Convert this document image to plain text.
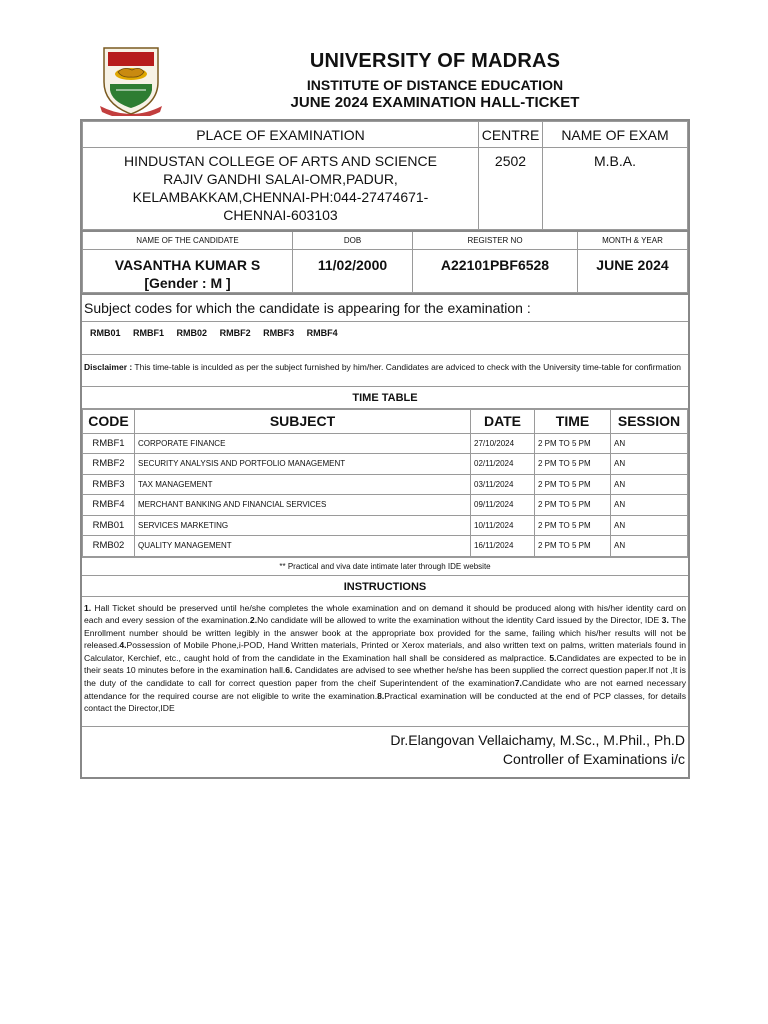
UNIVERSITY OF MADRAS
INSTITUTE OF DISTANCE EDUCATION
JUNE 2024 EXAMINATION HALL-TICKET
PLACE OF EXAMINATION	CENTRE	NAME OF EXAM

HINDUSTAN COLLEGE OF ARTS AND SCIENCE
RAJIV GANDHI SALAI-OMR,PADUR,
KELAMBAKKAM,CHENNAI-PH:044-27474671-
CHENNAI-603103	2502	M.B.A.
NAME OF THE CANDIDATE	DOB	REGISTER NO	MONTH & YEAR

VASANTHA KUMAR S
[Gender : M ]	11/02/2000	A22101PBF6528	JUNE 2024
Subject codes for which the candidate is appearing for the examination :
RMB01 RMBF1 RMB02 RMBF2 RMBF3 RMBF4
Disclaimer : This time-table is inculded as per the subject furnished by him/her. Candidates are adviced to check with the University time-table for confirmation
TIME TABLE
CODE	SUBJECT	DATE	TIME	SESSION
RMBF1	CORPORATE FINANCE	27/10/2024	2 PM TO 5 PM	AN
RMBF2	SECURITY ANALYSIS AND PORTFOLIO MANAGEMENT	02/11/2024	2 PM TO 5 PM	AN
RMBF3	TAX MANAGEMENT	03/11/2024	2 PM TO 5 PM	AN
RMBF4	MERCHANT BANKING AND FINANCIAL SERVICES	09/11/2024	2 PM TO 5 PM	AN
RMB01	SERVICES MARKETING	10/11/2024	2 PM TO 5 PM	AN
RMB02	QUALITY MANAGEMENT	16/11/2024	2 PM TO 5 PM	AN
** Practical and viva date intimate later through IDE website
INSTRUCTIONS
1. Hall Ticket should be preserved until he/she completes the whole examination and on demand it should be produced along with his/her identity card on each and every session of the examination.2.No candidate will be allowed to write the examination without the identity Card issued by the Director, IDE 3. The Enrollment number should be written legibly in the answer book at the appropriate box provided for the same, failing which his/her results will not be released.4.Possession of Mobile Phone,i-POD, Hand Written materials, Printed or Xerox materials, and also written text on palms, written materials found in Calculator, Kerchief, etc., caught hold of from the candidate in the Examination hall shall be considered as malpractice. 5.Candidates are expected to be in their seats 10 minutes before in the examination hall.6. Candidates are advised to see whether he/she has been supplied the correct question paper.If not ,It is the duty of the candidate to call for correct question paper from the cheif Superintendent of the examination7.Candidate who are not earned necessary attendance for the required course are not eligible to write the examination.8.Practical examination will be conducted at the end of PCP classes, for details contact the Director,IDE
Dr.Elangovan Vellaichamy, M.Sc., M.Phil., Ph.D
Controller of Examinations i/c
